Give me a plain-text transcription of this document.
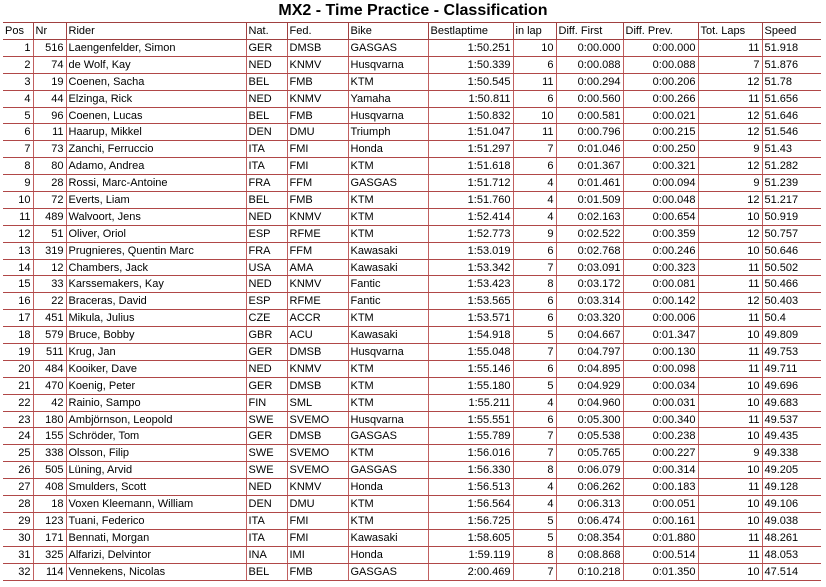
MX2 - Time Practice - Classification
Pos	Nr	Rider	Nat.	Fed.	Bike	Bestlaptime	in lap	Diff. First	Diff. Prev.	Tot. Laps	Speed
1	516	Laengenfelder, Simon	GER	DMSB	GASGAS	1:50.251	10	0:00.000	0:00.000	11	51.918
2	74	de Wolf, Kay	NED	KNMV	Husqvarna	1:50.339	6	0:00.088	0:00.088	7	51.876
3	19	Coenen, Sacha	BEL	FMB	KTM	1:50.545	11	0:00.294	0:00.206	12	51.78
4	44	Elzinga, Rick	NED	KNMV	Yamaha	1:50.811	6	0:00.560	0:00.266	11	51.656
5	96	Coenen, Lucas	BEL	FMB	Husqvarna	1:50.832	10	0:00.581	0:00.021	12	51.646
6	11	Haarup, Mikkel	DEN	DMU	Triumph	1:51.047	11	0:00.796	0:00.215	12	51.546
7	73	Zanchi, Ferruccio	ITA	FMI	Honda	1:51.297	7	0:01.046	0:00.250	9	51.43
8	80	Adamo, Andrea	ITA	FMI	KTM	1:51.618	6	0:01.367	0:00.321	12	51.282
9	28	Rossi, Marc-Antoine	FRA	FFM	GASGAS	1:51.712	4	0:01.461	0:00.094	9	51.239
10	72	Everts, Liam	BEL	FMB	KTM	1:51.760	4	0:01.509	0:00.048	12	51.217
11	489	Walvoort, Jens	NED	KNMV	KTM	1:52.414	4	0:02.163	0:00.654	10	50.919
12	51	Oliver, Oriol	ESP	RFME	KTM	1:52.773	9	0:02.522	0:00.359	12	50.757
13	319	Prugnieres, Quentin Marc	FRA	FFM	Kawasaki	1:53.019	6	0:02.768	0:00.246	10	50.646
14	12	Chambers, Jack	USA	AMA	Kawasaki	1:53.342	7	0:03.091	0:00.323	11	50.502
15	33	Karssemakers, Kay	NED	KNMV	Fantic	1:53.423	8	0:03.172	0:00.081	11	50.466
16	22	Braceras, David	ESP	RFME	Fantic	1:53.565	6	0:03.314	0:00.142	12	50.403
17	451	Mikula, Julius	CZE	ACCR	KTM	1:53.571	6	0:03.320	0:00.006	11	50.4
18	579	Bruce, Bobby	GBR	ACU	Kawasaki	1:54.918	5	0:04.667	0:01.347	10	49.809
19	511	Krug, Jan	GER	DMSB	Husqvarna	1:55.048	7	0:04.797	0:00.130	11	49.753
20	484	Kooiker, Dave	NED	KNMV	KTM	1:55.146	6	0:04.895	0:00.098	11	49.711
21	470	Koenig, Peter	GER	DMSB	KTM	1:55.180	5	0:04.929	0:00.034	10	49.696
22	42	Rainio, Sampo	FIN	SML	KTM	1:55.211	4	0:04.960	0:00.031	10	49.683
23	180	Ambjörnson, Leopold	SWE	SVEMO	Husqvarna	1:55.551	6	0:05.300	0:00.340	11	49.537
24	155	Schröder, Tom	GER	DMSB	GASGAS	1:55.789	7	0:05.538	0:00.238	10	49.435
25	338	Olsson, Filip	SWE	SVEMO	KTM	1:56.016	7	0:05.765	0:00.227	9	49.338
26	505	Lüning, Arvid	SWE	SVEMO	GASGAS	1:56.330	8	0:06.079	0:00.314	10	49.205
27	408	Smulders, Scott	NED	KNMV	Honda	1:56.513	4	0:06.262	0:00.183	11	49.128
28	18	Voxen Kleemann, William	DEN	DMU	KTM	1:56.564	4	0:06.313	0:00.051	10	49.106
29	123	Tuani, Federico	ITA	FMI	KTM	1:56.725	5	0:06.474	0:00.161	10	49.038
30	171	Bennati, Morgan	ITA	FMI	Kawasaki	1:58.605	5	0:08.354	0:01.880	11	48.261
31	325	Alfarizi, Delvintor	INA	IMI	Honda	1:59.119	8	0:08.868	0:00.514	11	48.053
32	114	Vennekens, Nicolas	BEL	FMB	GASGAS	2:00.469	7	0:10.218	0:01.350	10	47.514
